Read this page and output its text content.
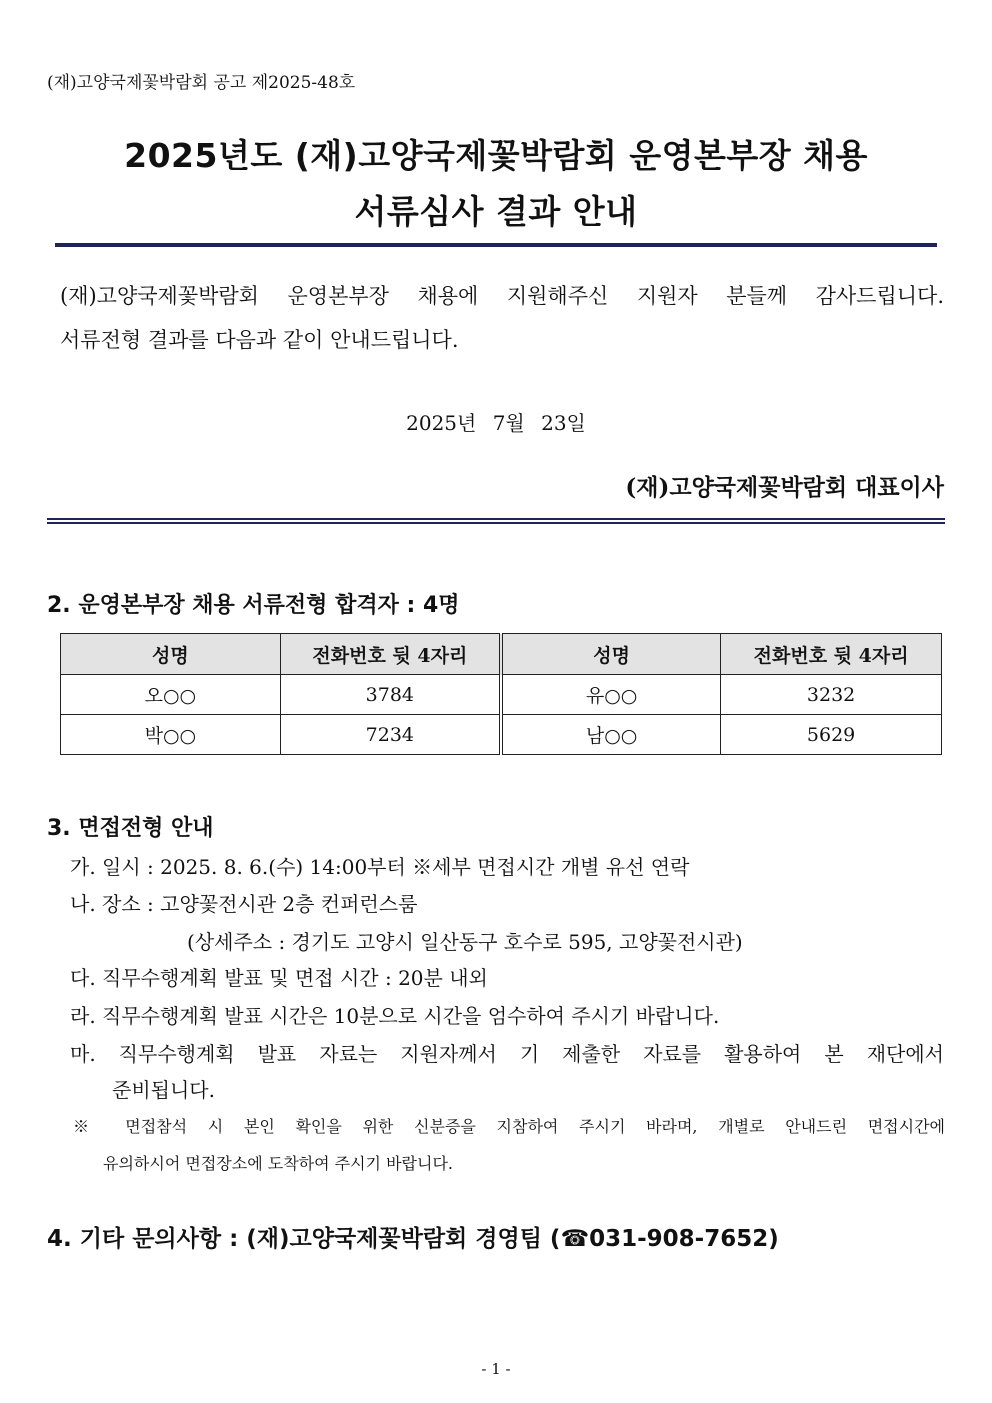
(재)고양국제꽃박람회 공고 제2025-48호
2025년도 (재)고양국제꽃박람회 운영본부장 채용
서류심사 결과 안내
(재)고양국제꽃박람회 운영본부장 채용에 지원해주신 지원자 분들께 감사드립니다.
서류전형 결과를 다음과 같이 안내드립니다.
2025년 7월 23일
(재)고양국제꽃박람회 대표이사
2. 운영본부장 채용 서류전형 합격자 : 4명
성명	전화번호 뒷 4자리	성명	전화번호 뒷 4자리
오○○	3784	유○○	3232
박○○	7234	남○○	5629
3. 면접전형 안내
가. 일시 : 2025. 8. 6.(수) 14:00부터 ※세부 면접시간 개별 유선 연락
나. 장소 : 고양꽃전시관 2층 컨퍼런스룸
(상세주소 : 경기도 고양시 일산동구 호수로 595, 고양꽃전시관)
다. 직무수행계획 발표 및 면접 시간 : 20분 내외
라. 직무수행계획 발표 시간은 10분으로 시간을 엄수하여 주시기 바랍니다.
마. 직무수행계획 발표 자료는 지원자께서 기 제출한 자료를 활용하여 본 재단에서
준비됩니다.
※ 면접참석 시 본인 확인을 위한 신분증을 지참하여 주시기 바라며, 개별로 안내드린 면접시간에
유의하시어 면접장소에 도착하여 주시기 바랍니다.
4. 기타 문의사항 : (재)고양국제꽃박람회 경영팀 (☎031-908-7652)
- 1 -
